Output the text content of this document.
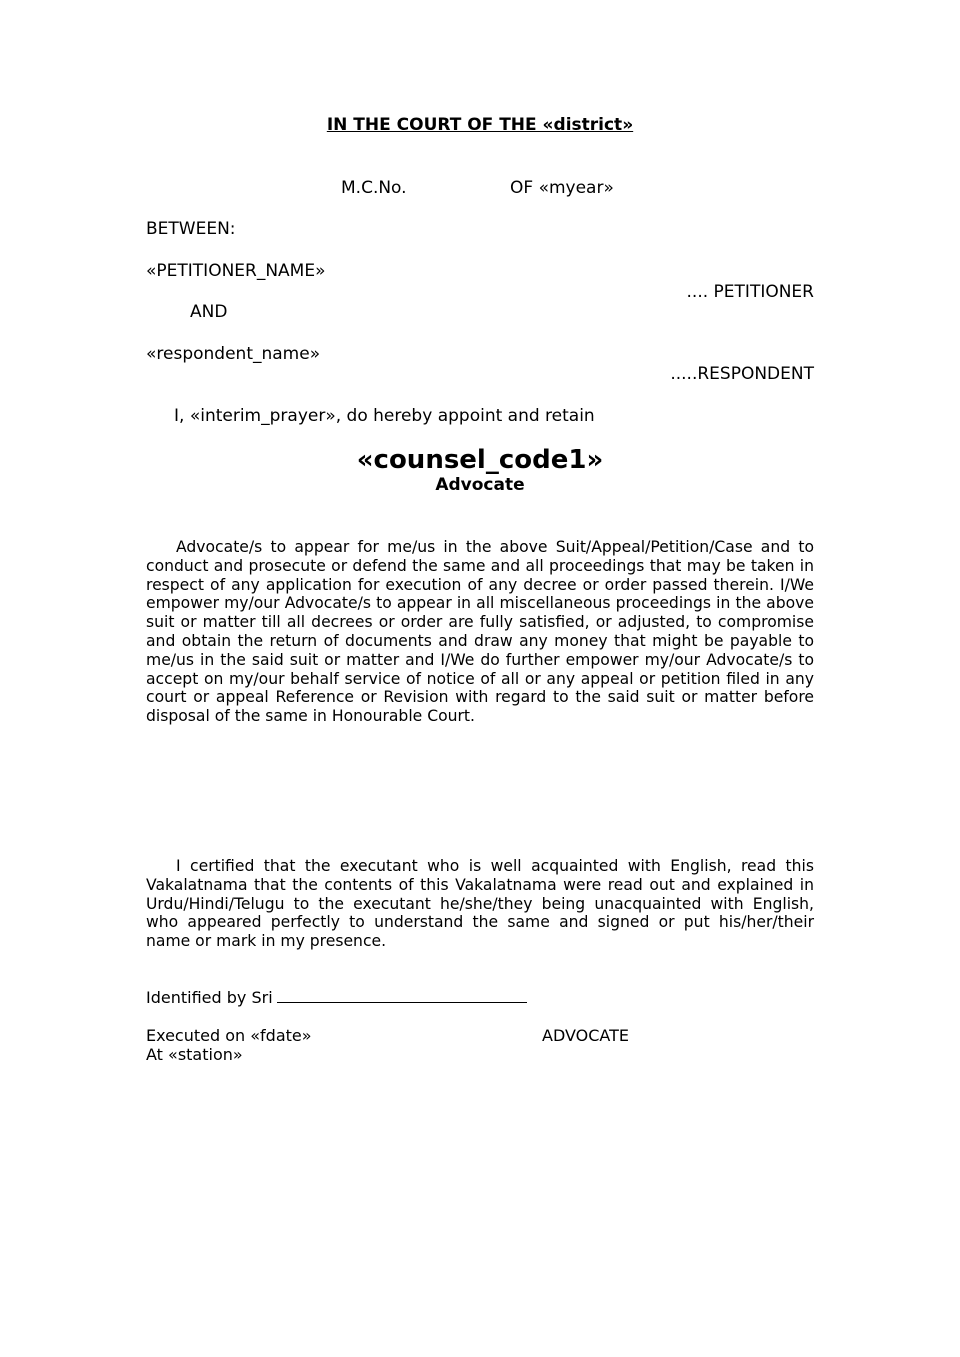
IN THE COURT OF THE «district»
M.C.No.	OF «myear»
BETWEEN:
«PETITIONER_NAME»
.... PETITIONER
AND
«respondent_name»
.....RESPONDENT
I, «interim_prayer», do hereby appoint and retain
«counsel_code1»
Advocate
Advocate/s to appear for me/us in the above Suit/Appeal/Petition/Case and to conduct and prosecute or defend the same and all proceedings that may be taken in respect of any application for execution of any decree or order passed therein. I/We empower my/our Advocate/s to appear in all miscellaneous proceedings in the above suit or matter till all decrees or order are fully satisfied, or adjusted, to compromise and obtain the return of documents and draw any money that might be payable to me/us in the said suit or matter and I/We do further empower my/our Advocate/s to accept on my/our behalf service of notice of all or any appeal or petition filed in any court or appeal Reference or Revision with regard to the said suit or matter before disposal of the same in Honourable Court.
I certified that the executant who is well acquainted with English, read this Vakalatnama that the contents of this Vakalatnama were read out and explained in Urdu/Hindi/Telugu to the executant he/she/they being unacquainted with English, who appeared perfectly to understand the same and signed or put his/her/their name or mark in my presence.
Identified by Sri
Executed on «fdate»	ADVOCATE
At «station»
